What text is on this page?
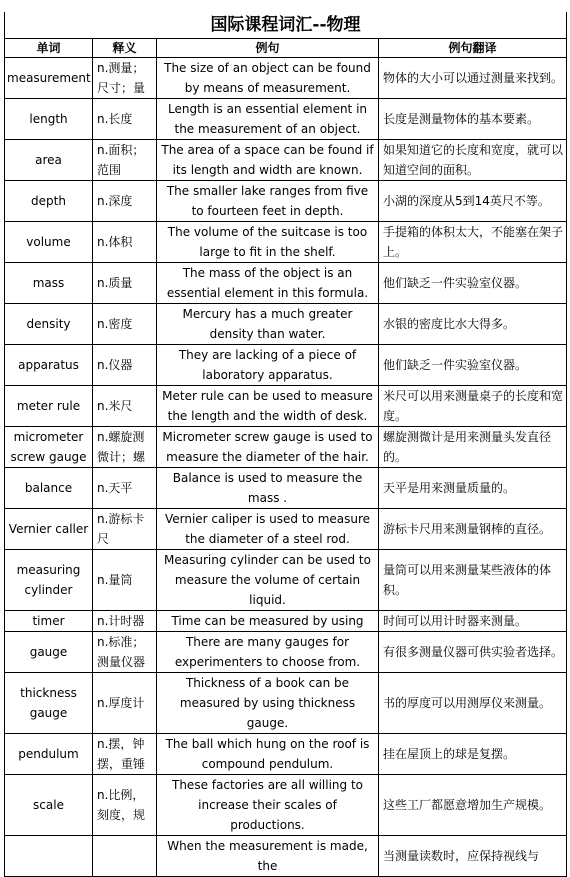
国际课程词汇--物理			
单词	释义	例句	例句翻译
measurement	n.测量；尺寸；量	The size of an object can be found by means of measurement.	物体的大小可以通过测量来找到。
length	n.长度	Length is an essential element in the measurement of an object.	长度是测量物体的基本要素。
area	n.面积；范围	The area of a space can be found if its length and width are known.	如果知道它的长度和宽度，就可以知道空间的面积。
depth	n.深度	The smaller lake ranges from five to fourteen feet in depth.	小湖的深度从5到14英尺不等。
volume	n.体积	The volume of the suitcase is too large to fit in the shelf.	手提箱的体积太大，不能塞在架子上。
mass	n.质量	The mass of the object is an essential element in this formula.	他们缺乏一件实验室仪器。
density	n.密度	Mercury has a much greater density than water.	水银的密度比水大得多。
apparatus	n.仪器	They are lacking of a piece of laboratory apparatus.	他们缺乏一件实验室仪器。
meter rule	n.米尺	Meter rule can be used to measure the length and the width of desk.	米尺可以用来测量桌子的长度和宽度。
micrometer screw gauge	n.螺旋测微计；螺	Micrometer screw gauge is used to measure the diameter of the hair.	螺旋测微计是用来测量头发直径的。
balance	n.天平	Balance is used to measure the mass .	天平是用来测量质量的。
Vernier caller	n.游标卡尺	Vernier caliper is used to measure the diameter of a steel rod.	游标卡尺用来测量钢棒的直径。
measuring cylinder	n.量筒	Measuring cylinder can be used to measure the volume of certain liquid.	量筒可以用来测量某些液体的体积。
timer	n.计时器	Time can be measured by using	时间可以用计时器来测量。
gauge	n.标准；测量仪器	There are many gauges for experimenters to choose from.	有很多测量仪器可供实验者选择。
thickness gauge	n.厚度计	Thickness of a book can be measured by using thickness gauge.	书的厚度可以用测厚仪来测量。
pendulum	n.摆，钟摆，重锤	The ball which hung on the roof is compound pendulum.	挂在屋顶上的球是复摆。
scale	n.比例，刻度，规	These factories are all willing to increase their scales of productions.	这些工厂都愿意增加生产规模。
		When the measurement is made, the	当测量读数时，应保持视线与
